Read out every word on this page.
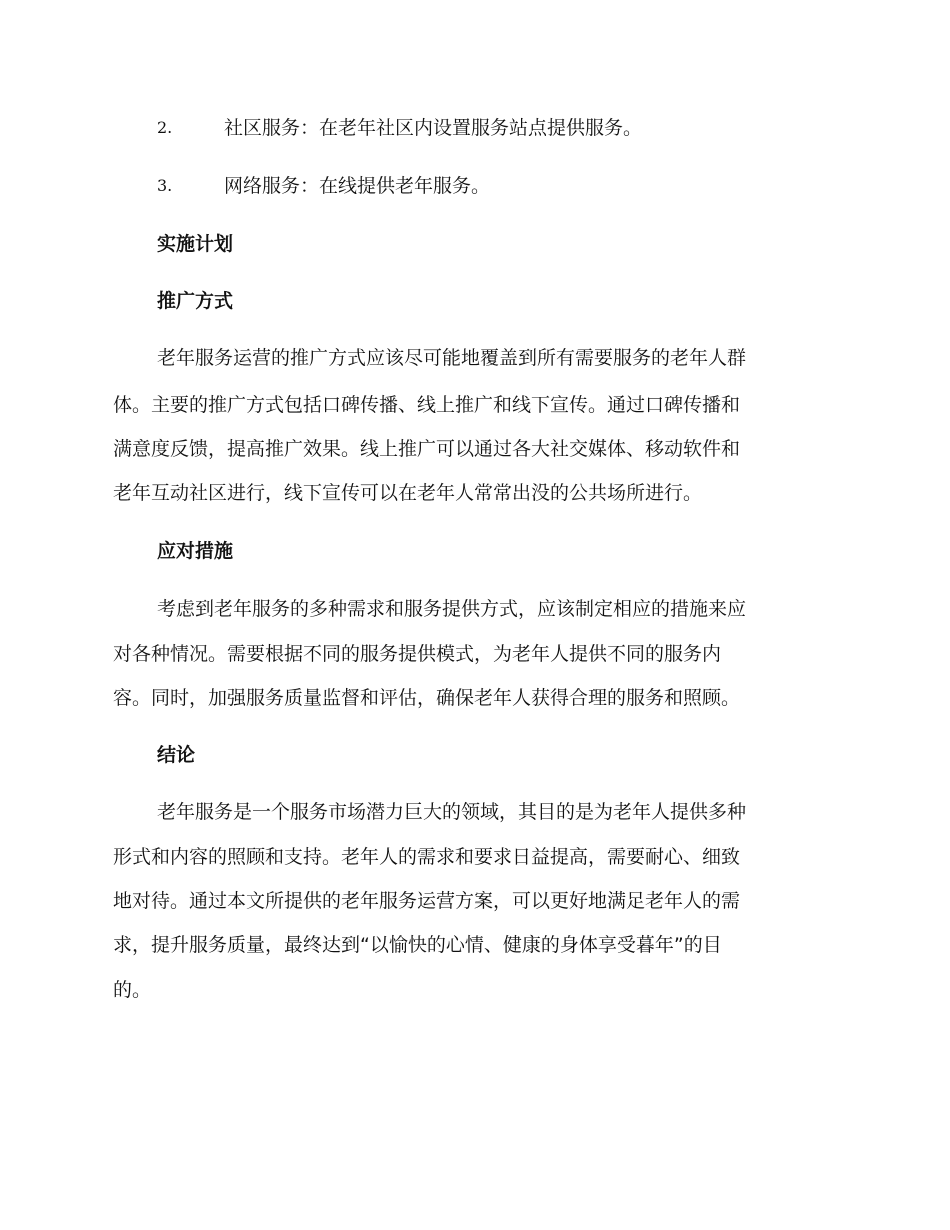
2.	社区服务：在老年社区内设置服务站点提供服务。
3.	网络服务：在线提供老年服务。
实施计划
推广方式
老年服务运营的推广方式应该尽可能地覆盖到所有需要服务的老年人群
体。主要的推广方式包括口碑传播、线上推广和线下宣传。通过口碑传播和
满意度反馈，提高推广效果。线上推广可以通过各大社交媒体、移动软件和
老年互动社区进行，线下宣传可以在老年人常常出没的公共场所进行。
应对措施
考虑到老年服务的多种需求和服务提供方式，应该制定相应的措施来应
对各种情况。需要根据不同的服务提供模式，为老年人提供不同的服务内
容。同时，加强服务质量监督和评估，确保老年人获得合理的服务和照顾。
结论
老年服务是一个服务市场潜力巨大的领域，其目的是为老年人提供多种
形式和内容的照顾和支持。老年人的需求和要求日益提高，需要耐心、细致
地对待。通过本文所提供的老年服务运营方案，可以更好地满足老年人的需
求，提升服务质量，最终达到“以愉快的心情、健康的身体享受暮年”的目
的。
